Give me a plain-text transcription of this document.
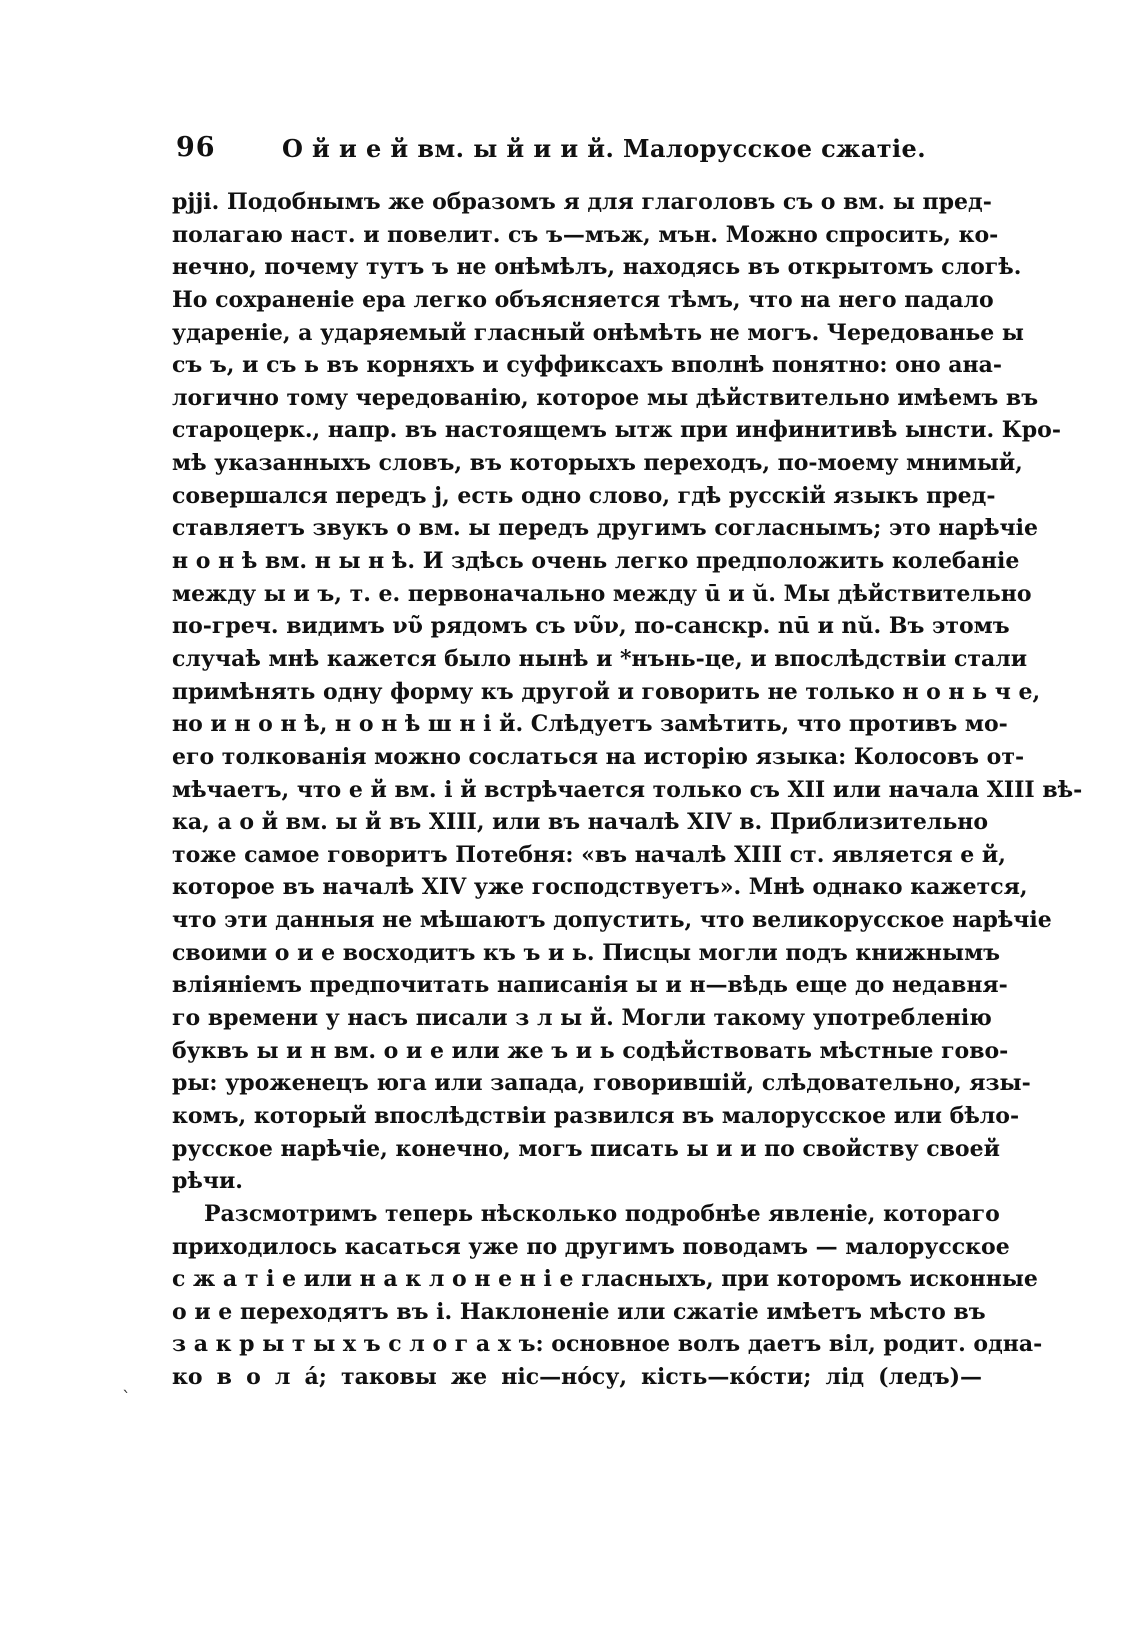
96	О й и е й вм. ы й и и й. Малорусское сжатіе.
pjji. Подобнымъ же образомъ я для глаголовъ съ о вм. ы пред-
полагаю наст. и повелит. съ ъ—мъж, мън. Можно спросить, ко-
нечно, почему тутъ ъ не онѣмѣлъ, находясь въ открытомъ слогѣ.
Но сохраненіе ера легко объясняется тѣмъ, что на него падало
удареніе, а ударяемый гласный онѣмѣть не могъ. Чередованье ы
съ ъ, и съ ь въ корняхъ и суффиксахъ вполнѣ понятно: оно ана-
логично тому чередованію, которое мы дѣйствительно имѣемъ въ
староцерк., напр. въ настоящемъ ытж при инфинитивѣ ынсти. Кро-
мѣ указанныхъ словъ, въ которыхъ переходъ, по-моему мнимый,
совершался передъ j, есть одно слово, гдѣ русскій языкъ пред-
ставляетъ звукъ о вм. ы передъ другимъ согласнымъ; это нарѣчіе
н о н ѣ вм. н ы н ѣ. И здѣсь очень легко предположить колебаніе
между ы и ъ, т. е. первоначально между ū и ŭ. Мы дѣйствительно
по-греч. видимъ νῦ рядомъ съ νῦν, по-санскр. nū и nŭ. Въ этомъ
случаѣ мнѣ кажется было нынѣ и *нънь-це, и впослѣдствіи стали
примѣнять одну форму къ другой и говорить не только н о н ь ч е,
но и н о н ѣ, н о н ѣ ш н і й. Слѣдуетъ замѣтить, что противъ мо-
его толкованія можно сослаться на исторію языка: Колосовъ от-
мѣчаетъ, что е й вм. і й встрѣчается только съ XII или начала XIII вѣ-
ка, а о й вм. ы й въ XIII, или въ началѣ XIV в. Приблизительно
тоже самое говоритъ Потебня: «въ началѣ XIII ст. является е й,
которое въ началѣ XIV уже господствуетъ». Мнѣ однако кажется,
что эти данныя не мѣшаютъ допустить, что великорусское нарѣчіе
своими о и е восходитъ къ ъ и ь. Писцы могли подъ книжнымъ
вліяніемъ предпочитать написанія ы и н—вѣдь еще до недавня-
го времени у насъ писали з л ы й. Могли такому употребленію
буквъ ы и н вм. о и е или же ъ и ь содѣйствовать мѣстные гово-
ры: уроженецъ юга или запада, говорившій, слѣдовательно, язы-
комъ, который впослѣдствіи развился въ малорусское или бѣло-
русское нарѣчіе, конечно, могъ писать ы и и по свойству своей
рѣчи.
Разсмотримъ теперь нѣсколько подробнѣе явленіе, котораго
приходилось касаться уже по другимъ поводамъ — малорусское
с ж а т і е или н а к л о н е н і е гласныхъ, при которомъ исконные
о и е переходятъ въ і. Наклоненіе или сжатіе имѣетъ мѣсто въ
з а к р ы т ы х ъ с л о г а х ъ: основное волъ даетъ вiл, родит. одна-
ко в о л á; таковы же нiс—нóсу, кiсть—кóсти; лiд (ледъ)—
`
